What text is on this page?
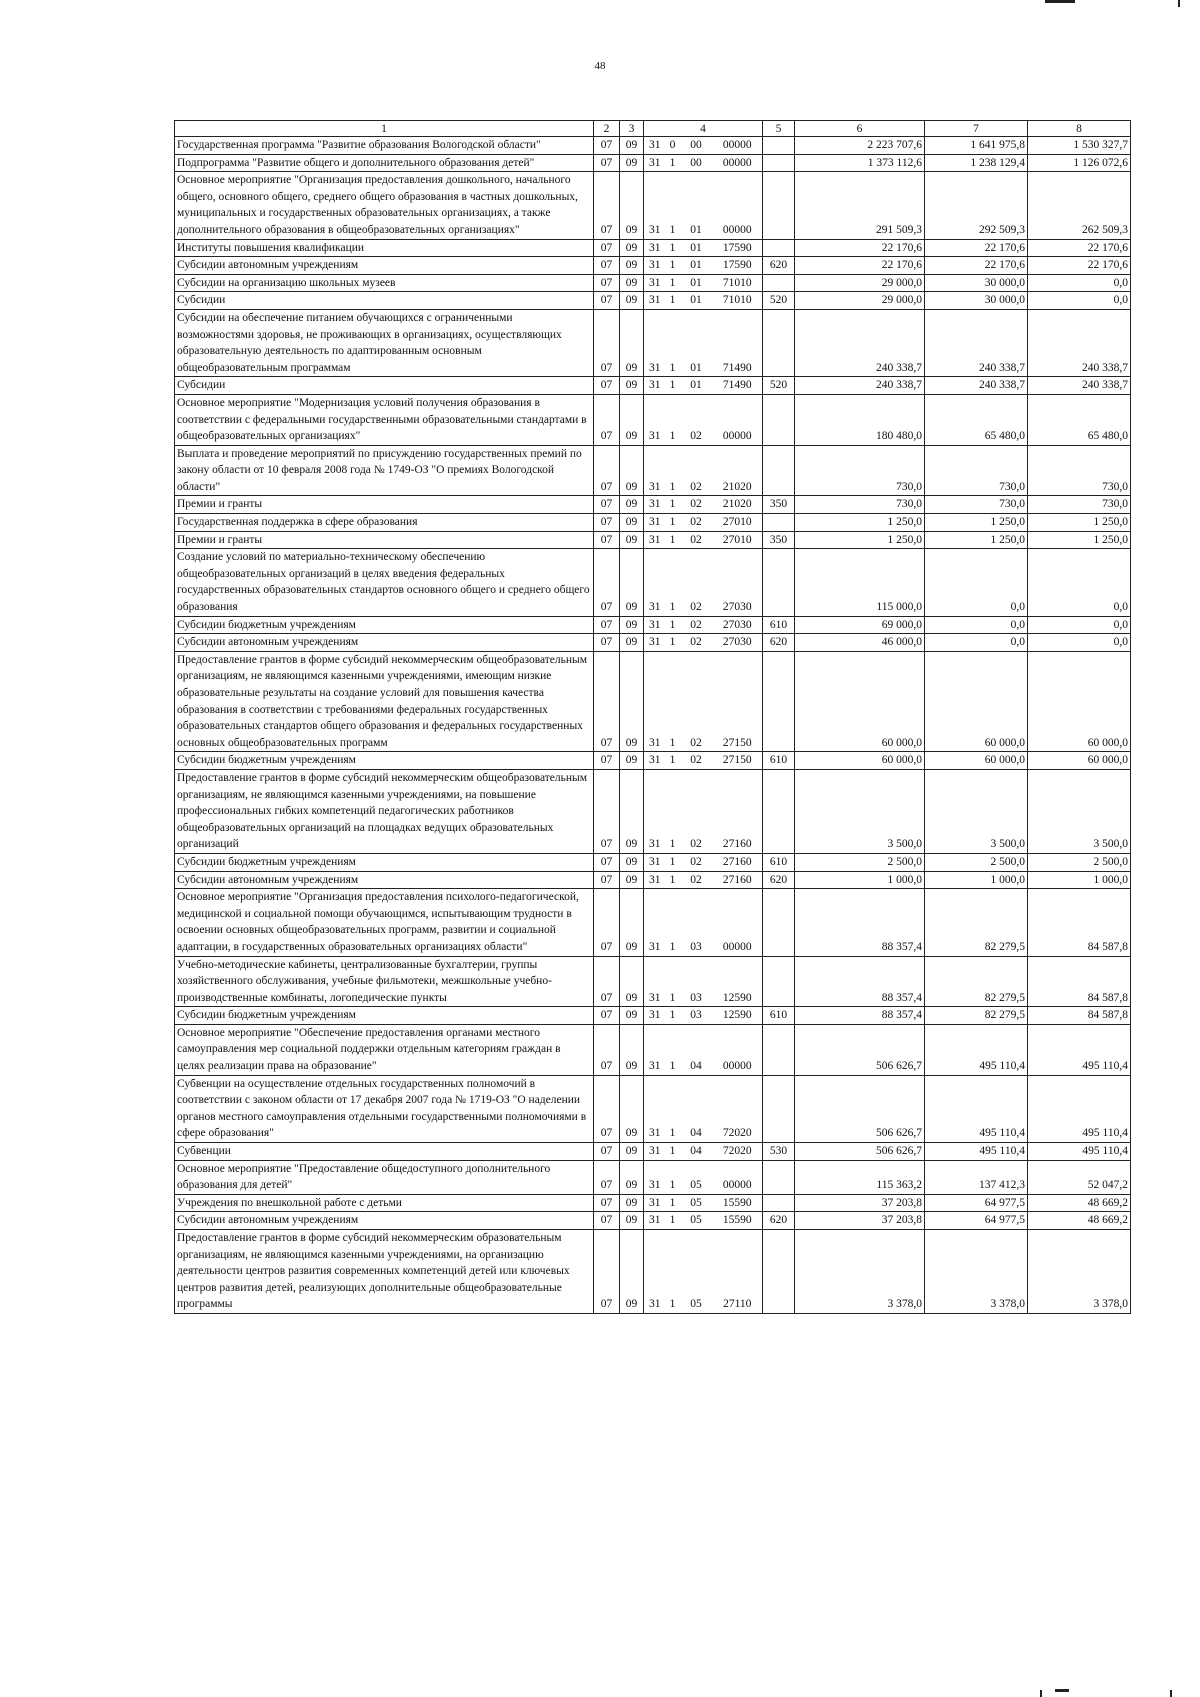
48
1	2	3	4				5	6	7	8
Государственная программа "Развитие образования Вологодской области"	07	09	31	0	00	00000		2 223 707,6	1 641 975,8	1 530 327,7
Подпрограмма "Развитие общего и дополнительного образования детей"	07	09	31	1	00	00000		1 373 112,6	1 238 129,4	1 126 072,6
Основное мероприятие "Организация предоставления дошкольного, начального общего, основного общего, среднего общего образования в частных дошкольных, муниципальных и государственных образовательных организациях, а также дополнительного образования в общеобразовательных организациях"	07	09	31	1	01	00000		291 509,3	292 509,3	262 509,3
Институты повышения квалификации	07	09	31	1	01	17590		22 170,6	22 170,6	22 170,6
Субсидии автономным учреждениям	07	09	31	1	01	17590	620	22 170,6	22 170,6	22 170,6
Субсидии на организацию школьных музеев	07	09	31	1	01	71010		29 000,0	30 000,0	0,0
Субсидии	07	09	31	1	01	71010	520	29 000,0	30 000,0	0,0
Субсидии на обеспечение питанием обучающихся с ограниченными возможностями здоровья, не проживающих в организациях, осуществляющих образовательную деятельность по адаптированным основным общеобразовательным программам	07	09	31	1	01	71490		240 338,7	240 338,7	240 338,7
Субсидии	07	09	31	1	01	71490	520	240 338,7	240 338,7	240 338,7
Основное мероприятие "Модернизация условий получения образования в соответствии с федеральными государственными образовательными стандартами в общеобразовательных организациях"	07	09	31	1	02	00000		180 480,0	65 480,0	65 480,0
Выплата и проведение мероприятий по присуждению государственных премий по закону области от 10 февраля 2008 года № 1749-ОЗ "О премиях Вологодской области"	07	09	31	1	02	21020		730,0	730,0	730,0
Премии и гранты	07	09	31	1	02	21020	350	730,0	730,0	730,0
Государственная поддержка в сфере образования	07	09	31	1	02	27010		1 250,0	1 250,0	1 250,0
Премии и гранты	07	09	31	1	02	27010	350	1 250,0	1 250,0	1 250,0
Создание условий по материально-техническому обеспечению общеобразовательных организаций в целях введения федеральных государственных образовательных стандартов основного общего и среднего общего образования	07	09	31	1	02	27030		115 000,0	0,0	0,0
Субсидии бюджетным учреждениям	07	09	31	1	02	27030	610	69 000,0	0,0	0,0
Субсидии автономным учреждениям	07	09	31	1	02	27030	620	46 000,0	0,0	0,0
Предоставление грантов в форме субсидий некоммерческим общеобразовательным организациям, не являющимся казенными учреждениями, имеющим низкие образовательные результаты на создание условий для повышения качества образования в соответствии с требованиями федеральных государственных образовательных стандартов общего образования и федеральных государственных основных общеобразовательных программ	07	09	31	1	02	27150		60 000,0	60 000,0	60 000,0
Субсидии бюджетным учреждениям	07	09	31	1	02	27150	610	60 000,0	60 000,0	60 000,0
Предоставление грантов в форме субсидий некоммерческим общеобразовательным организациям, не являющимся казенными учреждениями, на повышение профессиональных гибких компетенций педагогических работников общеобразовательных организаций на площадках ведущих образовательных организаций	07	09	31	1	02	27160		3 500,0	3 500,0	3 500,0
Субсидии бюджетным учреждениям	07	09	31	1	02	27160	610	2 500,0	2 500,0	2 500,0
Субсидии автономным учреждениям	07	09	31	1	02	27160	620	1 000,0	1 000,0	1 000,0
Основное мероприятие "Организация предоставления психолого-педагогической, медицинской и социальной помощи обучающимся, испытывающим трудности в освоении основных общеобразовательных программ, развитии и социальной адаптации, в государственных образовательных организациях области"	07	09	31	1	03	00000		88 357,4	82 279,5	84 587,8
Учебно-методические кабинеты, централизованные бухгалтерии, группы хозяйственного обслуживания, учебные фильмотеки, межшкольные учебно-производственные комбинаты, логопедические пункты	07	09	31	1	03	12590		88 357,4	82 279,5	84 587,8
Субсидии бюджетным учреждениям	07	09	31	1	03	12590	610	88 357,4	82 279,5	84 587,8
Основное мероприятие "Обеспечение предоставления органами местного самоуправления мер социальной поддержки отдельным категориям граждан в целях реализации права на образование"	07	09	31	1	04	00000		506 626,7	495 110,4	495 110,4
Субвенции на осуществление отдельных государственных полномочий в соответствии с законом области от 17 декабря 2007 года № 1719-ОЗ "О наделении органов местного самоуправления отдельными государственными полномочиями в сфере образования"	07	09	31	1	04	72020		506 626,7	495 110,4	495 110,4
Субвенции	07	09	31	1	04	72020	530	506 626,7	495 110,4	495 110,4
Основное мероприятие "Предоставление общедоступного дополнительного образования для детей"	07	09	31	1	05	00000		115 363,2	137 412,3	52 047,2
Учреждения по внешкольной работе с детьми	07	09	31	1	05	15590		37 203,8	64 977,5	48 669,2
Субсидии автономным учреждениям	07	09	31	1	05	15590	620	37 203,8	64 977,5	48 669,2
Предоставление грантов в форме субсидий некоммерческим образовательным организациям, не являющимся казенными учреждениями, на организацию деятельности центров развития современных компетенций детей или ключевых центров развития детей, реализующих дополнительные общеобразовательные программы	07	09	31	1	05	27110		3 378,0	3 378,0	3 378,0
